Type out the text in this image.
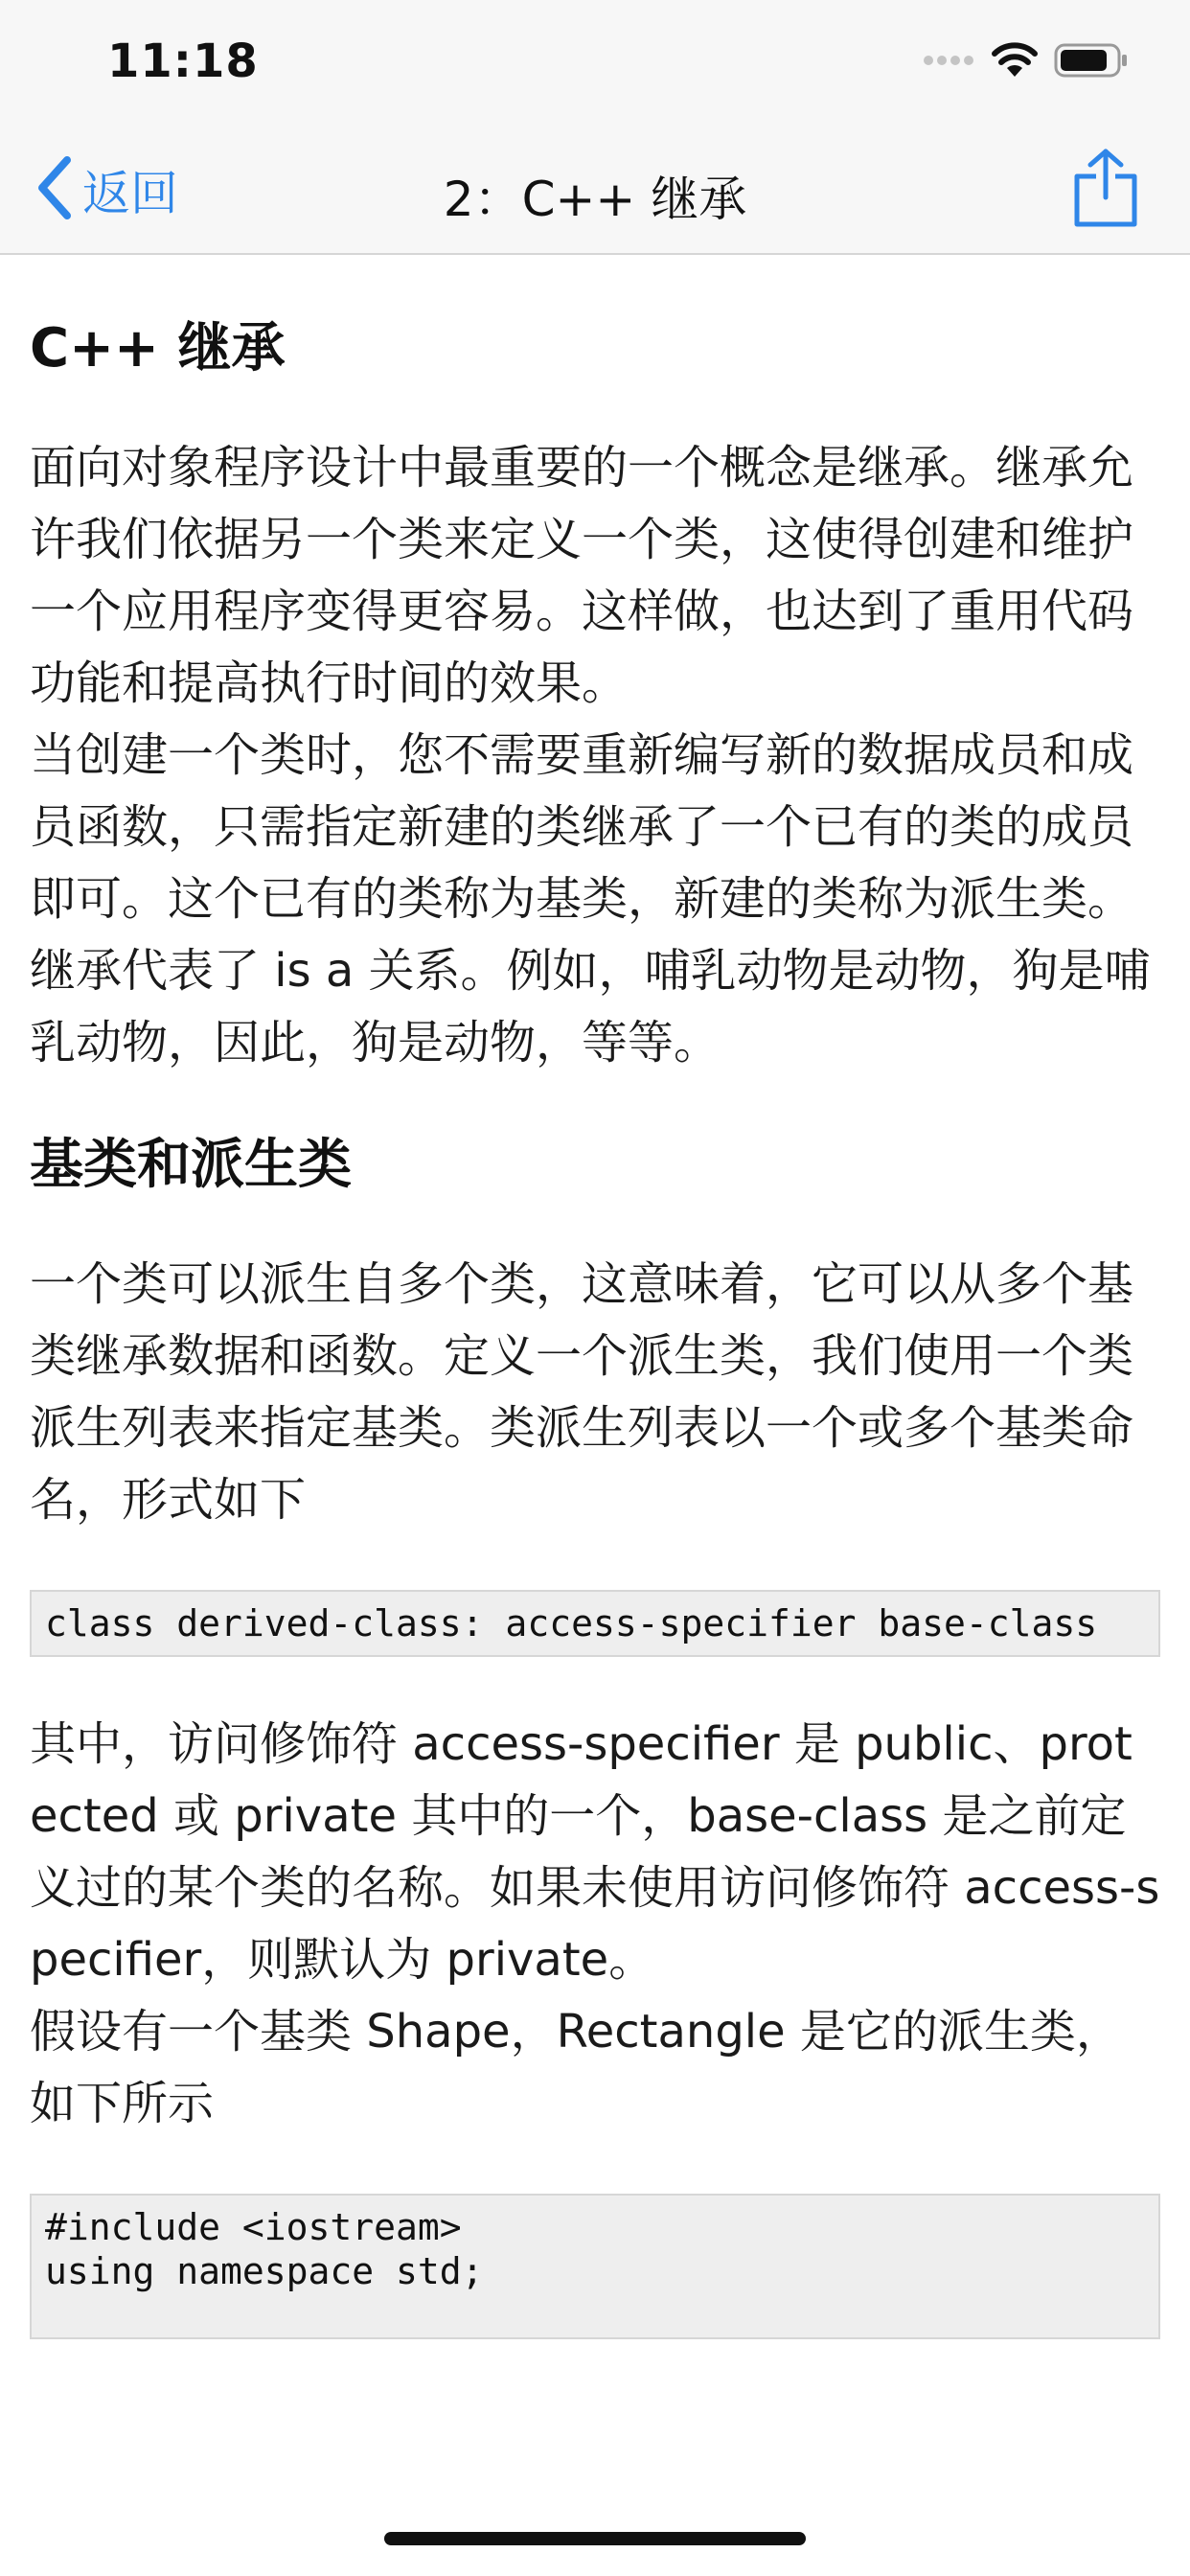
11:18
返回	2：C++ 继承
C++ 继承

面向对象程序设计中最重要的一个概念是继承。继承允许我们依据另一个类来定义一个类，这使得创建和维护一个应用程序变得更容易。这样做，也达到了重用代码功能和提高执行时间的效果。

当创建一个类时，您不需要重新编写新的数据成员和成员函数，只需指定新建的类继承了一个已有的类的成员即可。这个已有的类称为基类，新建的类称为派生类。

继承代表了 is a 关系。例如，哺乳动物是动物，狗是哺乳动物，因此，狗是动物，等等。

基类和派生类

一个类可以派生自多个类，这意味着，它可以从多个基类继承数据和函数。定义一个派生类，我们使用一个类派生列表来指定基类。类派生列表以一个或多个基类命名，形式如下

class derived-class: access-specifier base-class

其中，访问修饰符 access-specifier 是 public、protected 或 private 其中的一个，base-class 是之前定义过的某个类的名称。如果未使用访问修饰符 access-specifier，则默认为 private。

假设有一个基类 Shape，Rectangle 是它的派生类，如下所示

#include <iostream>
using namespace std;
